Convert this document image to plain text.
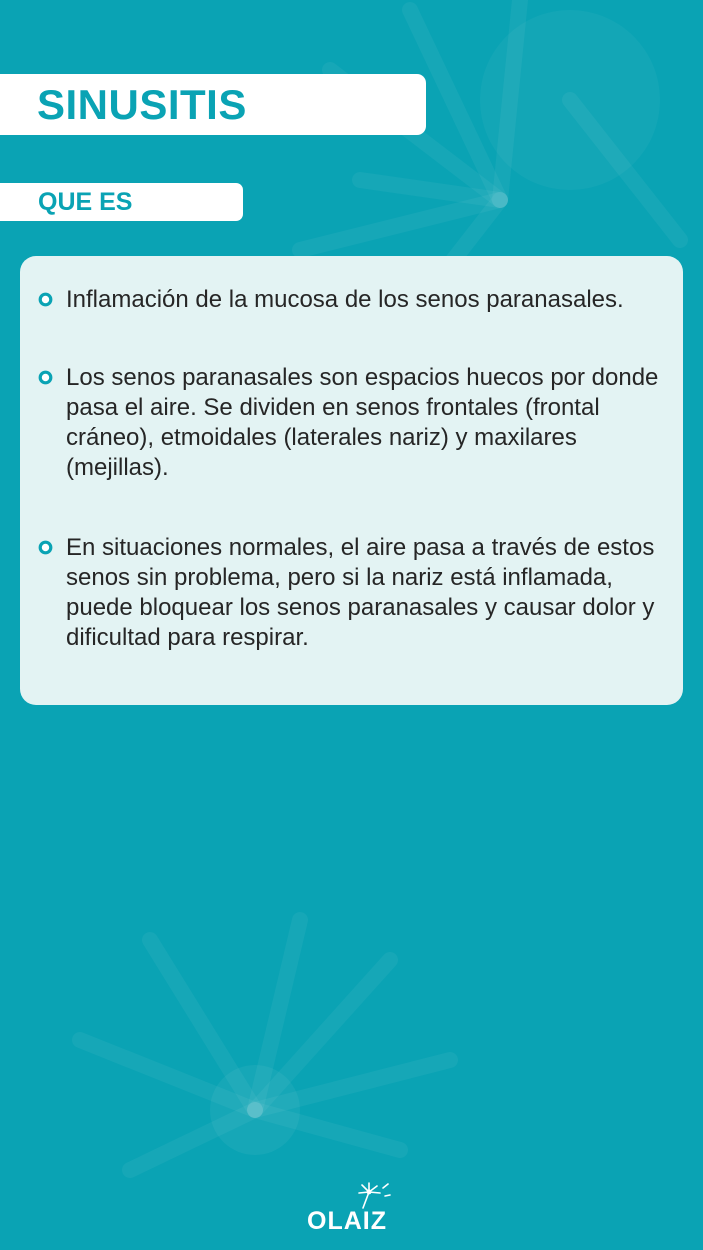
SINUSITIS
QUE ES

Inflamación de la mucosa de los senos paranasales.

Los senos paranasales son espacios huecos por donde pasa el aire. Se dividen en senos frontales (frontal cráneo), etmoidales (laterales nariz) y maxilares (mejillas).

En situaciones normales, el aire pasa a través de estos senos sin problema, pero si la nariz está inflamada, puede bloquear los senos paranasales y causar dolor y dificultad para respirar.

OLAIZ
